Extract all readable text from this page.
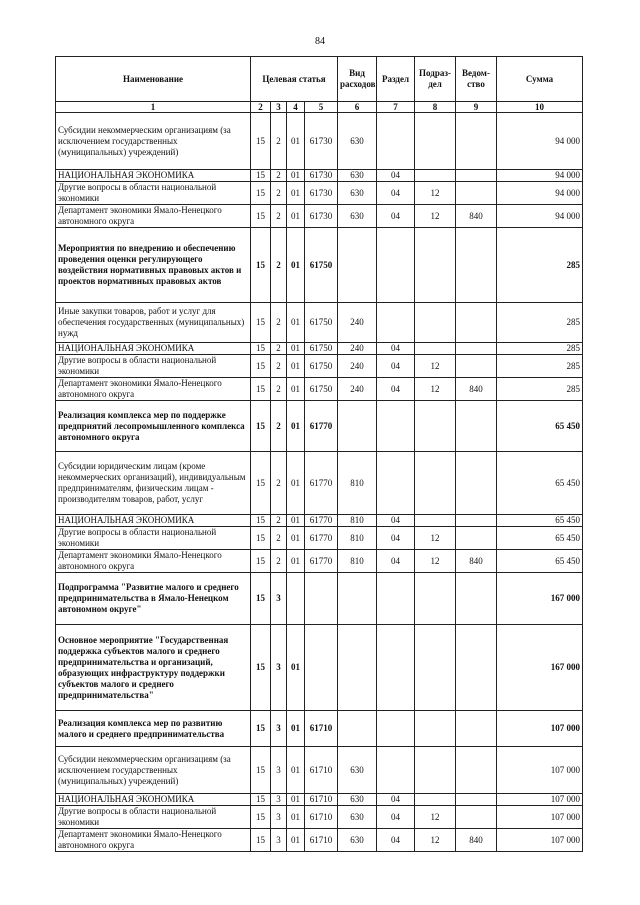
84
Наименование	Целевая статья				Вид расходов	Раздел	Подраз-дел	Ведом-ство	Сумма
1	2	3	4	5	6	7	8	9	10
Субсидии некоммерческим организациям (за исключением государственных (муниципальных) учреждений)	15	2	01	61730	630				94 000
НАЦИОНАЛЬНАЯ ЭКОНОМИКА	15	2	01	61730	630	04			94 000
Другие вопросы в области национальной экономики	15	2	01	61730	630	04	12		94 000
Департамент экономики Ямало-Ненецкого автономного округа	15	2	01	61730	630	04	12	840	94 000
Мероприятия по внедрению и обеспечению проведения оценки регулирующего воздействия нормативных правовых актов и проектов нормативных правовых актов	15	2	01	61750					285
Иные закупки товаров, работ и услуг для обеспечения государственных (муниципальных) нужд	15	2	01	61750	240				285
НАЦИОНАЛЬНАЯ ЭКОНОМИКА	15	2	01	61750	240	04			285
Другие вопросы в области национальной экономики	15	2	01	61750	240	04	12		285
Департамент экономики Ямало-Ненецкого автономного округа	15	2	01	61750	240	04	12	840	285
Реализация комплекса мер по поддержке предприятий лесопромышленного комплекса автономного округа	15	2	01	61770					65 450
Субсидии юридическим лицам (кроме некоммерческих организаций), индивидуальным предпринимателям, физическим лицам - производителям товаров, работ, услуг	15	2	01	61770	810				65 450
НАЦИОНАЛЬНАЯ ЭКОНОМИКА	15	2	01	61770	810	04			65 450
Другие вопросы в области национальной экономики	15	2	01	61770	810	04	12		65 450
Департамент экономики Ямало-Ненецкого автономного округа	15	2	01	61770	810	04	12	840	65 450
Подпрограмма "Развитие малого и среднего предпринимательства в Ямало-Ненецком автономном округе"	15	3							167 000
Основное мероприятие "Государственная поддержка субъектов малого и среднего предпринимательства и организаций, образующих инфраструктуру поддержки субъектов малого и среднего предпринимательства"	15	3	01						167 000
Реализация комплекса мер по развитию малого и среднего предпринимательства	15	3	01	61710					107 000
Субсидии некоммерческим организациям (за исключением государственных (муниципальных) учреждений)	15	3	01	61710	630				107 000
НАЦИОНАЛЬНАЯ ЭКОНОМИКА	15	3	01	61710	630	04			107 000
Другие вопросы в области национальной экономики	15	3	01	61710	630	04	12		107 000
Департамент экономики Ямало-Ненецкого автономного округа	15	3	01	61710	630	04	12	840	107 000
